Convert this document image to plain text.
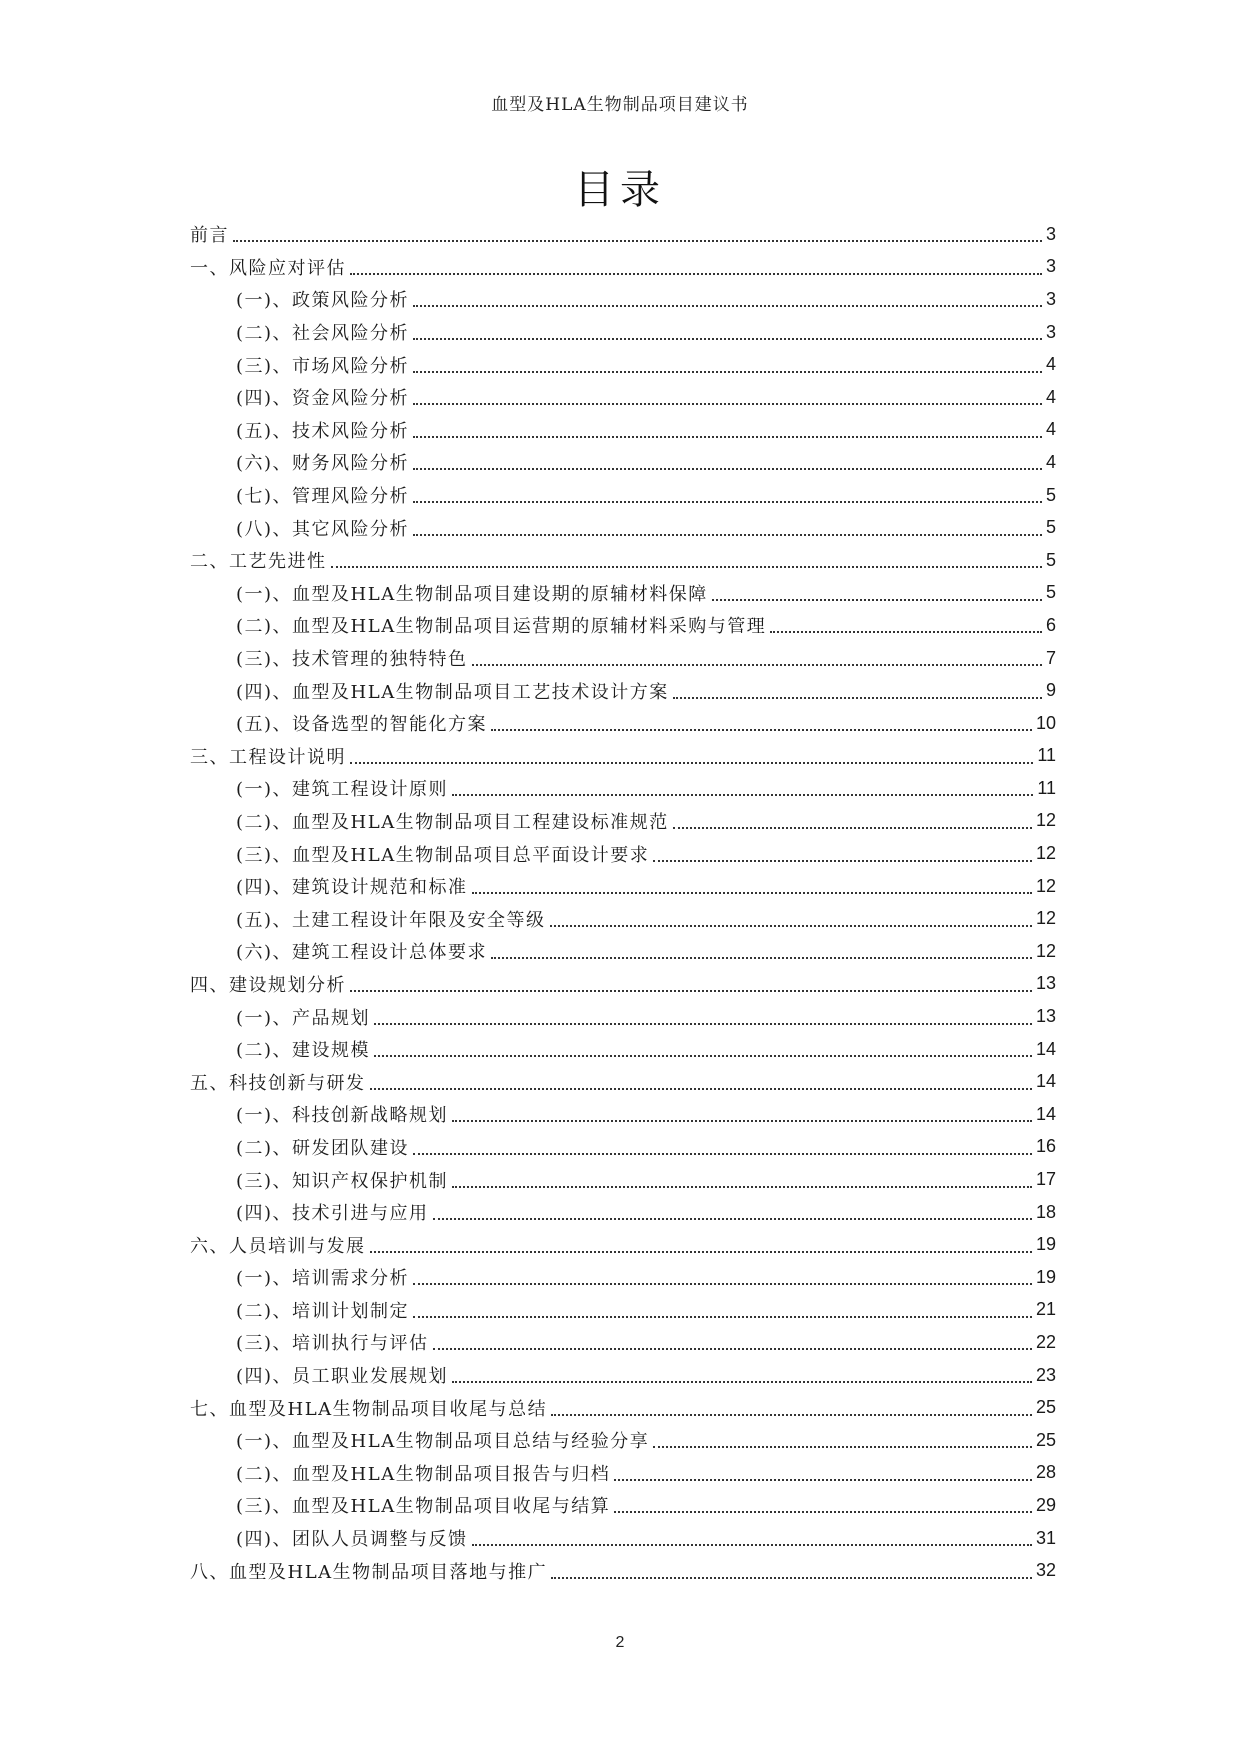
血型及HLA生物制品项目建议书
目录
前言	3
一、风险应对评估	3
(一)、政策风险分析	3
(二)、社会风险分析	3
(三)、市场风险分析	4
(四)、资金风险分析	4
(五)、技术风险分析	4
(六)、财务风险分析	4
(七)、管理风险分析	5
(八)、其它风险分析	5
二、工艺先进性	5
(一)、血型及HLA生物制品项目建设期的原辅材料保障	5
(二)、血型及HLA生物制品项目运营期的原辅材料采购与管理	6
(三)、技术管理的独特特色	7
(四)、血型及HLA生物制品项目工艺技术设计方案	9
(五)、设备选型的智能化方案	10
三、工程设计说明	11
(一)、建筑工程设计原则	11
(二)、血型及HLA生物制品项目工程建设标准规范	12
(三)、血型及HLA生物制品项目总平面设计要求	12
(四)、建筑设计规范和标准	12
(五)、土建工程设计年限及安全等级	12
(六)、建筑工程设计总体要求	12
四、建设规划分析	13
(一)、产品规划	13
(二)、建设规模	14
五、科技创新与研发	14
(一)、科技创新战略规划	14
(二)、研发团队建设	16
(三)、知识产权保护机制	17
(四)、技术引进与应用	18
六、人员培训与发展	19
(一)、培训需求分析	19
(二)、培训计划制定	21
(三)、培训执行与评估	22
(四)、员工职业发展规划	23
七、血型及HLA生物制品项目收尾与总结	25
(一)、血型及HLA生物制品项目总结与经验分享	25
(二)、血型及HLA生物制品项目报告与归档	28
(三)、血型及HLA生物制品项目收尾与结算	29
(四)、团队人员调整与反馈	31
八、血型及HLA生物制品项目落地与推广	32
2
